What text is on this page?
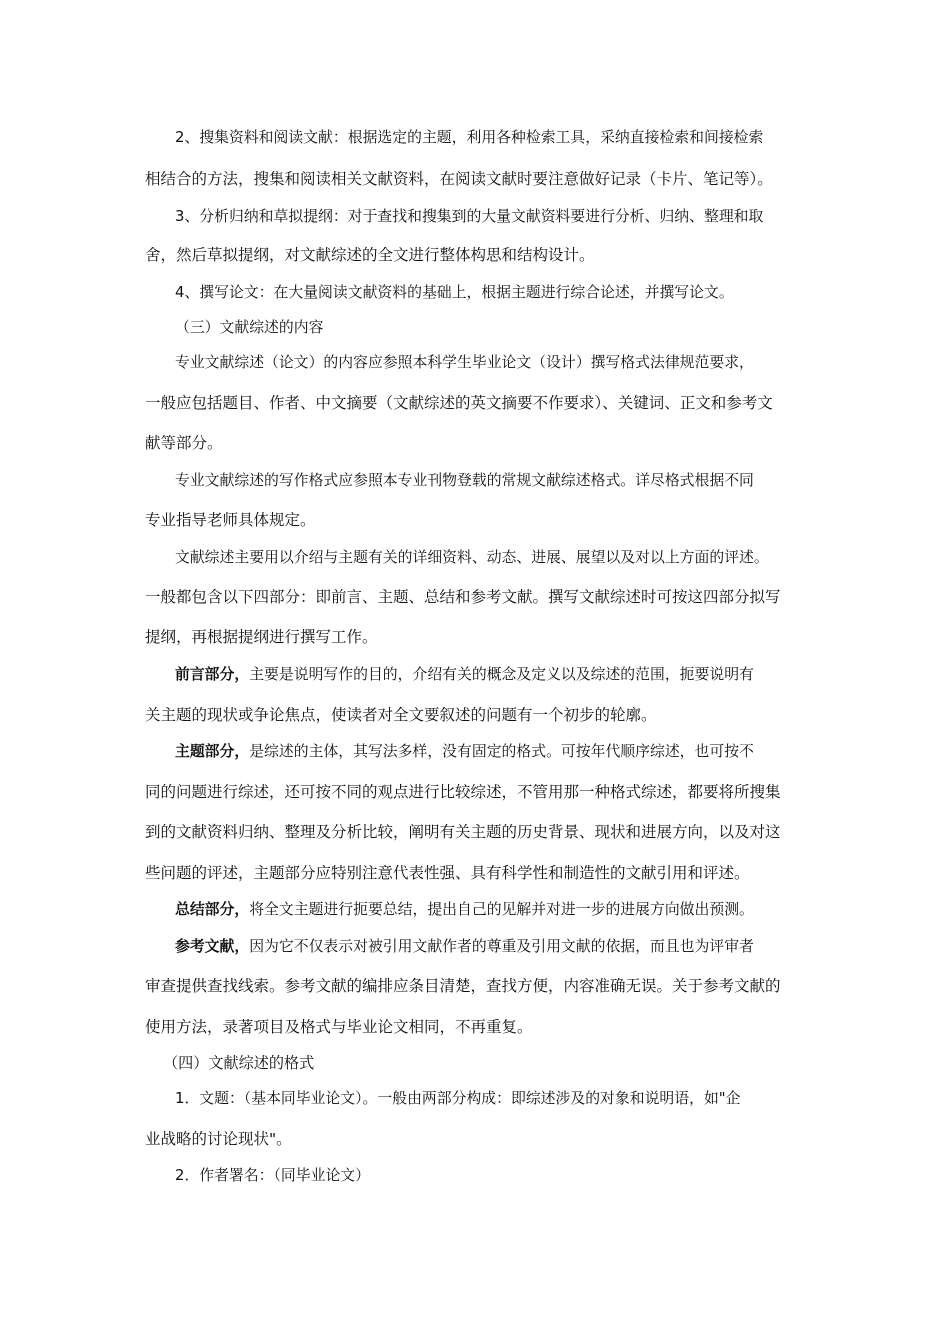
2、搜集资料和阅读文献：根据选定的主题，利用各种检索工具，采纳直接检索和间接检索
相结合的方法，搜集和阅读相关文献资料，在阅读文献时要注意做好记录（卡片、笔记等）。
3、分析归纳和草拟提纲：对于查找和搜集到的大量文献资料要进行分析、归纳、整理和取
舍，然后草拟提纲，对文献综述的全文进行整体构思和结构设计。
4、撰写论文：在大量阅读文献资料的基础上，根据主题进行综合论述，并撰写论文。
（三）文献综述的内容
专业文献综述（论文）的内容应参照本科学生毕业论文（设计）撰写格式法律规范要求，
一般应包括题目、作者、中文摘要（文献综述的英文摘要不作要求）、关键词、正文和参考文
献等部分。
专业文献综述的写作格式应参照本专业刊物登载的常规文献综述格式。详尽格式根据不同
专业指导老师具体规定。
文献综述主要用以介绍与主题有关的详细资料、动态、进展、展望以及对以上方面的评述。
一般都包含以下四部分：即前言、主题、总结和参考文献。撰写文献综述时可按这四部分拟写
提纲，再根据提纲进行撰写工作。
前言部分，主要是说明写作的目的，介绍有关的概念及定义以及综述的范围，扼要说明有
关主题的现状或争论焦点，使读者对全文要叙述的问题有一个初步的轮廓。
主题部分，是综述的主体，其写法多样，没有固定的格式。可按年代顺序综述，也可按不
同的问题进行综述，还可按不同的观点进行比较综述，不管用那一种格式综述，都要将所搜集
到的文献资料归纳、整理及分析比较，阐明有关主题的历史背景、现状和进展方向，以及对这
些问题的评述，主题部分应特别注意代表性强、具有科学性和制造性的文献引用和评述。
总结部分，将全文主题进行扼要总结，提出自己的见解并对进一步的进展方向做出预测。
参考文献，因为它不仅表示对被引用文献作者的尊重及引用文献的依据，而且也为评审者
审查提供查找线索。参考文献的编排应条目清楚，查找方便，内容准确无误。关于参考文献的
使用方法，录著项目及格式与毕业论文相同，不再重复。
（四）文献综述的格式
1．文题：（基本同毕业论文）。一般由两部分构成：即综述涉及的对象和说明语，如"企
业战略的讨论现状"。
2．作者署名：（同毕业论文）
